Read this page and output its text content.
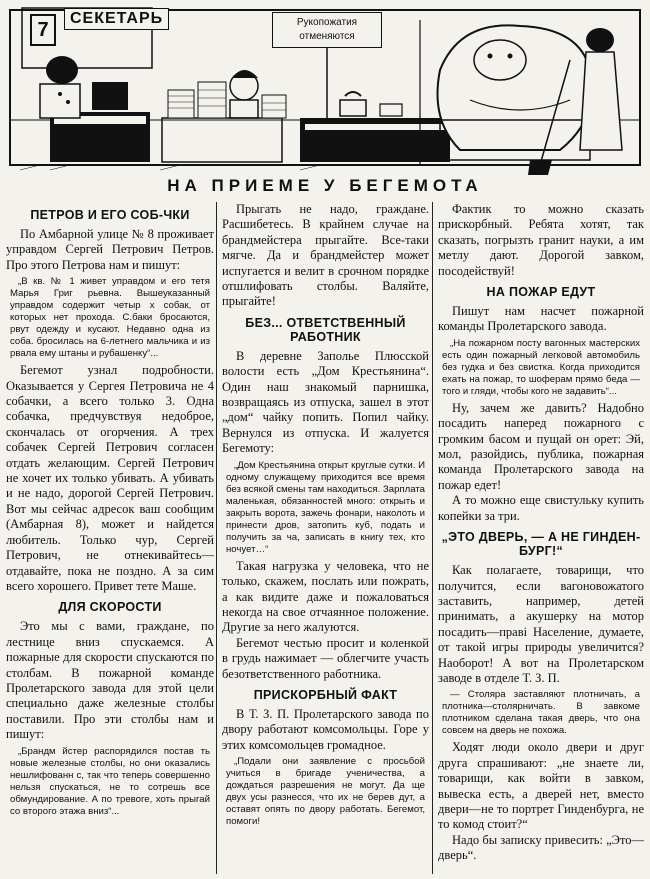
7
СЕКЕТАРЬ	Рукопожатия
отменяются
НА ПРИЕМЕ У БЕГЕМОТА
ПЕТРОВ И ЕГО СОБ-ЧКИ

По Амбарной улице № 8 проживает управдом Сергей Петрович Петров. Про этого Петрова нам и пишут:

„В кв. № 1 живет управдом и его тетя Марья Григ рьевна. Вышеуказанный управдом содержит четыр х собак, от которых нет прохода. С.баки бросаются, рвут одежду и кусают. Недавно одна из соба. бросилась на 6-летнего мальчика и из рвала ему штаны и рубашенку“...

Бегемот узнал подробности. Оказывается у Сергея Петровича не 4 собачки, а всего только 3. Одна собачка, предчувствуя недоброе, скончалась от огорчения. А трех собачек Сергей Петрович согласен отдать желающим. Сергей Петрович не хочет их только убивать. А убивать и не надо, дорогой Сергей Петрович. Вот мы сейчас адресок ваш сообщим (Амбарная 8), может и найдется любитель. Только чур, Сергей Петрович, не отнекивайтесь—отдавайте, пока не поздно. А за сим всего хорошего. Привет тете Маше.

ДЛЯ СКОРОСТИ

Это мы с вами, граждане, по лестнице вниз спускаемся. А пожарные для скорости спускаются по столбам. В пожарной команде Пролетарского завода для этой цели специально даже железные столбы поставили. Про эти столбы нам и пишут:

„Брандм йстер распорядился постав ть новые железные столбы, но они оказались нешлифованн с, так что теперь совершенно нельзя спускаться, не то сотрешь все обмундирование. А по тревоге, хоть прыгай со второго этажа вниз“...

Прыгать не надо, граждане. Расшибетесь. В крайнем случае на брандмейстера прыгайте. Все-таки мягче. Да и брандмейстер может испугается и велит в срочном порядке отшлифовать столбы. Валяйте, прыгайте!

БЕЗ... ОТВЕТСТВЕННЫЙ
РАБОТНИК

В деревне Заполье Плюсской волости есть „Дом Крестьянина“. Один наш знакомый парнишка, возвращаясь из отпуска, зашел в этот „дом“ чайку попить. Попил чайку. Вернулся из отпуска. И жалуется Бегемоту:

„Дом Крестьянина открыт круглые сутки. И одному служащему приходится все время без всякой смены там находиться. Зарплата маленькая, обязанностей много: открыть и закрыть ворота, зажечь фонари, наколоть и принести дров, затопить куб, подать и получить за ча, записать в книгу тех, кто ночует…“

Такая нагрузка у человека, что не только, скажем, послать или пожрать, а как видите даже и пожаловаться некогда на свое отчаянное положение. Другие за него жалуются.

Бегемот честью просит и коленкой в грудь нажимает — облегчите участь безответственного работника.

ПРИСКОРБНЫЙ ФАКТ

В Т. З. П. Пролетарского завода по двору работают комсомольцы. Горе у этих комсомольцев громадное.

„Подали они заявление с просьбой учиться в бригаде ученичества, а дождаться разрешения не могут. Да ще двух усы разнесся, что их не берев дут, а оставят опять по двору работать. Бегемот, помоги!

Фактик то можно сказать прискорбный. Ребята хотят, так сказать, погрызть гранит науки, а им метлу дают. Дорогой завком, посодействуй!

НА ПОЖАР ЕДУТ

Пишут нам насчет пожарной команды Пролетарского завода.

„На пожарном посту вагонных мастерских есть один пожарный легковой автомобиль без гудка и без свистка. Когда приходится ехать на пожар, то шоферам прямо беда — того и гляди, чтобы кого не задавить“...

Ну, зачем же давить? Надобно посадить наперед пожарного с громким басом и пущай он орет: Эй, мол, разойдись, публика, пожарная команда Пролетарского завода на пожар едет!

А то можно еще свистульку купить копейки за три.

„ЭТО ДВЕРЬ, — А НЕ ГИНДЕН-
БУРГ!“

Как полагаете, товарищи, что получится, если вагоновожатого заставить, например, детей принимать, а акушерку на мотор посадить—праві Население, думаете, от такой игры природы увеличится? Наоборот! А вот на Пролетарском заводе в отделе Т. З. П.

— Столяра заставляют плотничать, а плотника—столярничать. В завкоме плотником сделана такая дверь, что она совсем на дверь не похожа.

Ходят люди около двери и друг друга спрашивают: „не знаете ли, товарищи, как войти в завком, вывеска есть, а дверей нет, вместо двери—не то портрет Гинденбурга, не то комод стоит?“

Надо бы записку привесить: „Это—дверь“.
